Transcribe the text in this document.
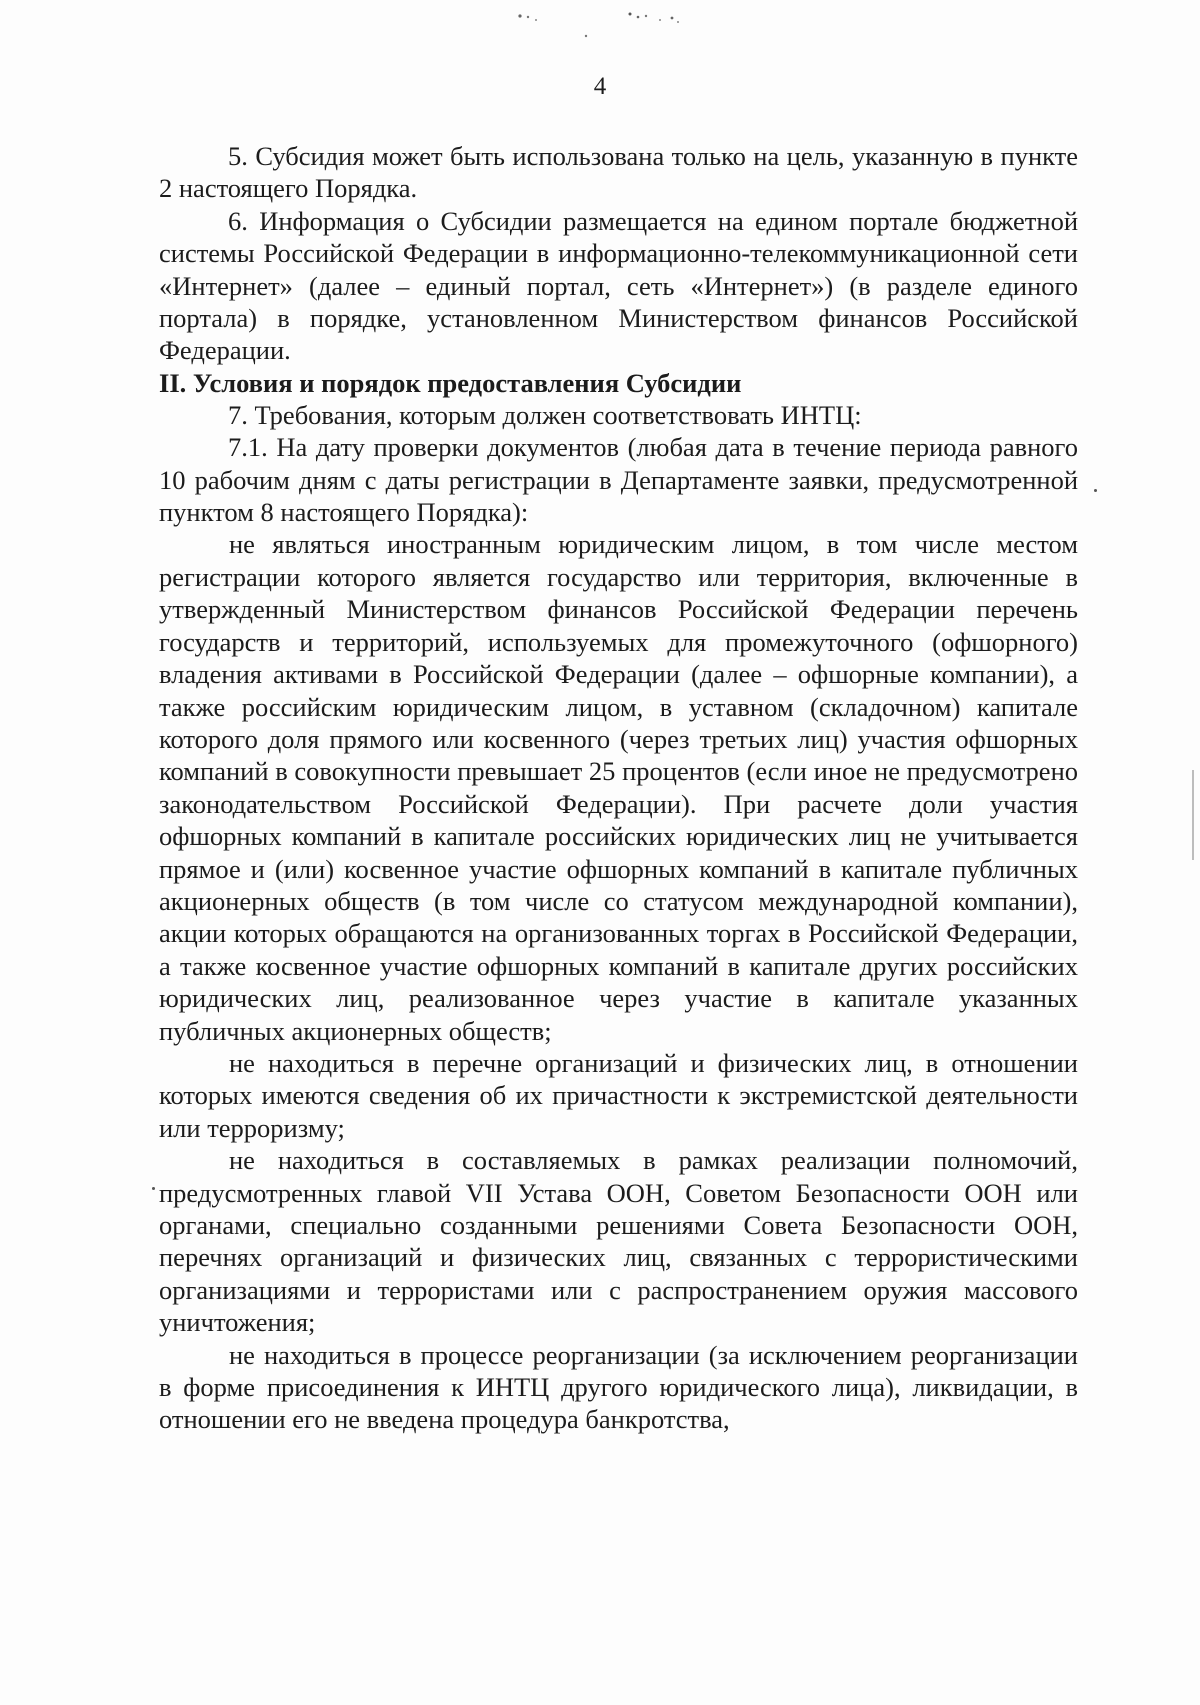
4

5. Субсидия может быть использована только на цель, указанную в пункте 2 настоящего Порядка.

6. Информация о Субсидии размещается на едином портале бюджетной системы Российской Федерации в информационно-телекоммуникационной сети «Интернет» (далее – единый портал, сеть «Интернет») (в разделе единого портала) в порядке, установленном Министерством финансов Российской Федерации.

II. Условия и порядок предоставления Субсидии

7. Требования, которым должен соответствовать ИНТЦ:

7.1. На дату проверки документов (любая дата в течение периода равного 10 рабочим дням с даты регистрации в Департаменте заявки, предусмотренной пунктом 8 настоящего Порядка):

не являться иностранным юридическим лицом, в том числе местом регистрации которого является государство или территория, включенные в утвержденный Министерством финансов Российской Федерации перечень государств и территорий, используемых для промежуточного (офшорного) владения активами в Российской Федерации (далее – офшорные компании), а также российским юридическим лицом, в уставном (складочном) капитале которого доля прямого или косвенного (через третьих лиц) участия офшорных компаний в совокупности превышает 25 процентов (если иное не предусмотрено законодательством Российской Федерации). При расчете доли участия офшорных компаний в капитале российских юридических лиц не учитывается прямое и (или) косвенное участие офшорных компаний в капитале публичных акционерных обществ (в том числе со статусом международной компании), акции которых обращаются на организованных торгах в Российской Федерации, а также косвенное участие офшорных компаний в капитале других российских юридических лиц, реализованное через участие в капитале указанных публичных акционерных обществ;

не находиться в перечне организаций и физических лиц, в отношении которых имеются сведения об их причастности к экстремистской деятельности или терроризму;

не находиться в составляемых в рамках реализации полномочий, предусмотренных главой VII Устава ООН, Советом Безопасности ООН или органами, специально созданными решениями Совета Безопасности ООН, перечнях организаций и физических лиц, связанных с террористическими организациями и террористами или с распространением оружия массового уничтожения;

не находиться в процессе реорганизации (за исключением реорганизации в форме присоединения к ИНТЦ другого юридического лица), ликвидации, в отношении его не введена процедура банкротства,
